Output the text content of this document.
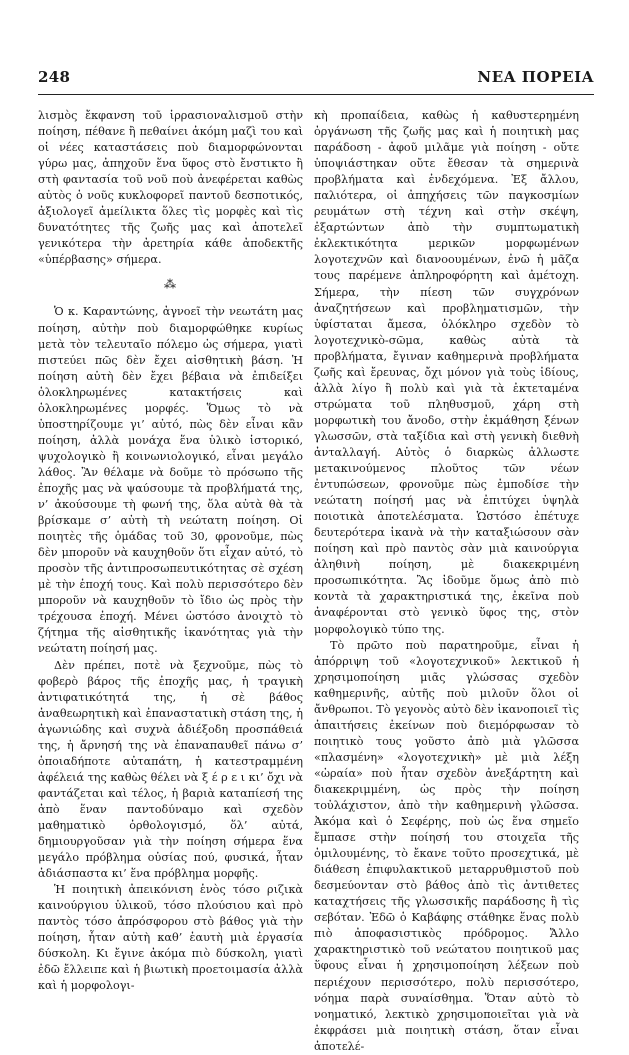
248	ΝΕΑ ΠΟΡΕΙΑ

λισμὸς ἔκφανση τοῦ ἰρρασιοναλισμοῦ στὴν ποίηση, πέθανε ἢ πεθαίνει ἀκόμη μαζὶ του καὶ οἱ νέες καταστάσεις ποὺ διαμορφώνονται γύρω μας, ἀπηχοῦν ἕνα ὕφος στὸ ἔνστικτο ἢ στὴ φαντασία τοῦ νοῦ ποὺ ἀνεφέρεται καθὼς αὐτὸς ὁ νοῦς κυκλοφορεῖ παντοῦ δεσποτικός, ἀξιολογεῖ ἀμείλικτα ὅλες τὶς μορφὲς καὶ τὶς δυνατότητες τῆς ζωῆς μας καὶ ἀποτελεῖ γενικότερα τὴν ἀρετηρία κάθε ἀποδεκτῆς «ὑπέρβασης» σήμερα.

⁂

Ὁ κ. Καραντώνης, ἀγνοεῖ τὴν νεωτάτη μας ποίηση, αὐτὴν ποὺ διαμορφώθηκε κυρίως μετὰ τὸν τελευταῖο πόλεμο ὡς σήμερα, γιατὶ πιστεύει πῶς δὲν ἔχει αἰσθητικὴ βάση. Ἡ ποίηση αὐτὴ δὲν ἔχει βέβαια νὰ ἐπιδείξει ὁλοκληρωμένες κατακτήσεις καὶ ὁλοκληρωμένες μορφές. Ὅμως τὸ νὰ ὑποστηρίζουμε γι’ αὐτό, πὼς δὲν εἶναι κἂν ποίηση, ἀλλὰ μονάχα ἕνα ὑλικὸ ἱστορικό, ψυχολογικὸ ἢ κοινωνιολογικό, εἶναι μεγάλο λάθος. Ἂν θέλαμε νὰ δοῦμε τὸ πρόσωπο τῆς ἐποχῆς μας νὰ ψαύσουμε τὰ προβλήματά της, ν’ ἀκούσουμε τὴ φωνή της, ὅλα αὐτὰ θὰ τὰ βρίσκαμε σ’ αὐτὴ τὴ νεώτατη ποίηση. Οἱ ποιητὲς τῆς ὁμάδας τοῦ 30, φρονοῦμε, πὼς δὲν μποροῦν νὰ καυχηθοῦν ὅτι εἶχαν αὐτό, τὸ προσὸν τῆς ἀντιπροσωπευτικότητας σὲ σχέση μὲ τὴν ἐποχή τους. Καὶ πολὺ περισσότερο δὲν μποροῦν νὰ καυχηθοῦν τὸ ἴδιο ὡς πρὸς τὴν τρέχουσα ἐποχή. Μένει ὡστόσο ἀνοιχτὸ τὸ ζήτημα τῆς αἰσθητικῆς ἱκανότητας γιὰ τὴν νεώτατη ποίησή μας.

Δὲν πρέπει, ποτὲ νὰ ξεχνοῦμε, πὼς τὸ φοβερὸ βάρος τῆς ἐποχῆς μας, ἡ τραγικὴ ἀντιφατικότητά της, ἡ σὲ βάθος ἀναθεωρητικὴ καὶ ἐπαναστατικὴ στάση της, ἡ ἀγωνιώδης καὶ συχνὰ ἀδιέξοδη προσπάθειά της, ἡ ἄρνησή της νὰ ἐπαναπαυθεῖ πάνω σ’ ὁποιαδήποτε αὐταπάτη, ἡ κατεστραμμένη ἀφέλειά της καθὼς θέλει νὰ ξ έ ρ ε ι κι’ ὄχι νὰ φαντάζεται καὶ τέλος, ἡ βαριὰ καταπίεσή της ἀπὸ ἕναν παντοδύναμο καὶ σχεδὸν μαθηματικὸ ὀρθολογισμό, ὅλ’ αὐτά, δημιουργοῦσαν γιὰ τὴν ποίηση σήμερα ἕνα μεγάλο πρόβλημα οὐσίας πού, φυσικά, ἦταν ἀδιάσπαστα κι’ ἕνα πρόβλημα μορφῆς.

Ἡ ποιητικὴ ἀπεικόνιση ἑνὸς τόσο ριζικὰ καινούργιου ὑλικοῦ, τόσο πλούσιου καὶ πρὸ παντὸς τόσο ἀπρόσφορου στὸ βάθος γιὰ τὴν ποίηση, ἦταν αὐτὴ καθ’ ἑαυτὴ μιὰ ἐργασία δύσκολη. Κι ἔγινε ἀκόμα πιὸ δύσκολη, γιατὶ ἐδῶ ἔλλειπε καὶ ἡ βιωτικὴ προετοιμασία ἀλλὰ καὶ ἡ μορφολογι-

κὴ προπαίδεια, καθὼς ἡ καθυστερημένη ὀργάνωση τῆς ζωῆς μας καὶ ἡ ποιητικὴ μας παράδοση - ἀφοῦ μιλᾶμε γιὰ ποίηση - οὔτε ὑποψιάστηκαν οὔτε ἔθεσαν τὰ σημερινὰ προβλήματα καὶ ἐνδεχόμενα. Ἐξ ἄλλου, παλιότερα, οἱ ἀπηχήσεις τῶν παγκοσμίων ρευμάτων στὴ τέχνη καὶ στὴν σκέψη, ἐξαρτώντων ἀπὸ τὴν συμπτωματικὴ ἐκλεκτικότητα μερικῶν μορφωμένων λογοτεχνῶν καὶ διανοουμένων, ἐνῶ ἡ μᾶζα τους παρέμενε ἀπληροφόρητη καὶ ἀμέτοχη. Σήμερα, τὴν πίεση τῶν συγχρόνων ἀναζητήσεων καὶ προβληματισμῶν, τὴν ὑφίσταται ἄμεσα, ὁλόκληρο σχεδὸν τὸ λογοτεχνικὸ-σῶμα, καθὼς αὐτὰ τὰ προβλήματα, ἔγιναν καθημερινὰ προβλήματα ζωῆς καὶ ἔρευνας, ὄχι μόνον γιὰ τοὺς ἰδίους, ἀλλὰ λίγο ἢ πολὺ καὶ γιὰ τὰ ἐκτεταμένα στρώματα τοῦ πληθυσμοῦ, χάρη στὴ μορφωτικὴ του ἄνοδο, στὴν ἐκμάθηση ξένων γλωσσῶν, στὰ ταξίδια καὶ στὴ γενικὴ διεθνὴ ἀνταλλαγή. Αὐτὸς ὁ διαρκὼς ἀλλωστε μετακινούμενος πλοῦτος τῶν νέων ἐντυπώσεων, φρονοῦμε πὼς ἐμποδίσε τὴν νεώτατη ποίησή μας νὰ ἐπιτύχει ὑψηλὰ ποιοτικὰ ἀποτελέσματα. Ὡστόσο ἐπέτυχε δευτερότερα ἱκανὰ νὰ τὴν καταξιώσουν σὰν ποίηση καὶ πρὸ παντὸς σὰν μιὰ καινούργια ἀληθινὴ ποίηση, μὲ διακεκριμένη προσωπικότητα. Ἂς ἰδοῦμε ὅμως ἀπὸ πιὸ κοντὰ τὰ χαρακτηριστικά της, ἐκεῖνα ποὺ ἀναφέρονται στὸ γενικὸ ὕφος της, στὸν μορφολογικὸ τύπο της.

Τὸ πρῶτο ποὺ παρατηροῦμε, εἶναι ἡ ἀπόρριψη τοῦ «λογοτεχνικοῦ» λεκτικοῦ ἡ χρησιμοποίηση μιᾶς γλώσσας σχεδὸν καθημερινῆς, αὐτῆς ποὺ μιλοῦν ὅλοι οἱ ἄνθρωποι. Τὸ γεγονὸς αὐτὸ δὲν ἱκανοποιεῖ τὶς ἀπαιτήσεις ἐκείνων ποὺ διεμόρφωσαν τὸ ποιητικὸ τους γοῦστο ἀπὸ μιὰ γλῶσσα «πλασμένη» «λογοτεχνικὴ» μὲ μιὰ λέξη «ὡραία» ποὺ ἦταν σχεδὸν ἀνεξάρτητη καὶ διακεκριμμένη, ὡς πρὸς τὴν ποίηση τοὐλάχιστον, ἀπὸ τὴν καθημερινὴ γλῶσσα. Ἀκόμα καὶ ὁ Σεφέρης, ποὺ ὡς ἕνα σημεῖο ἔμπασε στὴν ποίησή του στοιχεῖα τῆς ὁμιλουμένης, τὸ ἔκανε τοῦτο προσεχτικά, μὲ διάθεση ἐπιφυλακτικοῦ μεταρρυθμιστοῦ ποὺ δεσμεύονταν στὸ βάθος ἀπὸ τὶς ἀντιθετες καταχτήσεις τῆς γλωσσικῆς παράδοσης ἢ τὶς σεβόταν. Ἐδῶ ὁ Καβάφης στάθηκε ἕνας πολὺ πιὸ ἀποφασιστικὸς πρόδρομος. Ἄλλο χαρακτηριστικὸ τοῦ νεώτατου ποιητικοῦ μας ὕφους εἶναι ἡ χρησιμοποίηση λέξεων ποὺ περιέχουν περισσότερο, πολὺ περισσότερο, νόημα παρὰ συναίσθημα. Ὅταν αὐτὸ τὸ νοηματικό, λεκτικὸ χρησιμοποιεῖται γιὰ νὰ ἐκφράσει μιὰ ποιητικὴ στάση, ὅταν εἶναι ἀποτελέ-
